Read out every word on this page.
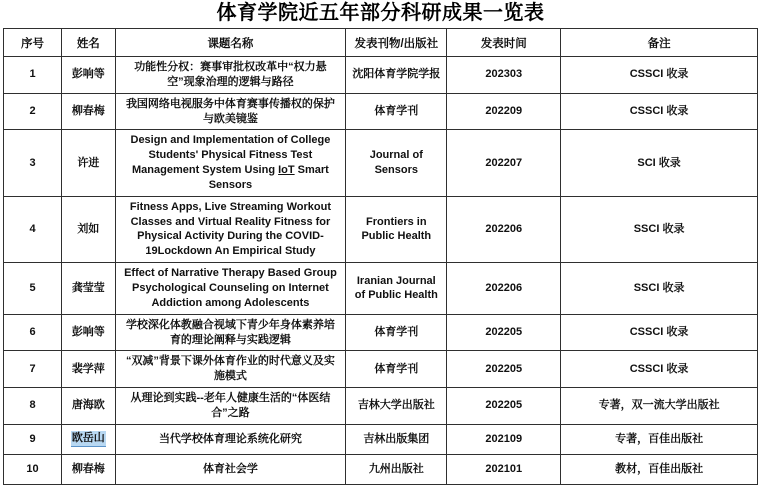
体育学院近五年部分科研成果一览表
序号	姓名	课题名称	发表刊物/出版社	发表时间	备注
1	彭响等	功能性分权：赛事审批权改革中“权力悬空”现象治理的逻辑与路径	沈阳体育学院学报	202303	CSSCI 收录
2	柳春梅	我国网络电视服务中体育赛事传播权的保护与欧美镜鉴	体育学刊	202209	CSSCI 收录
3	许进	Design and Implementation of College Students' Physical Fitness Test Management System Using IoT Smart Sensors	Journal of Sensors	202207	SCI 收录
4	刘如	Fitness Apps, Live Streaming Workout Classes and Virtual Reality Fitness for Physical Activity During the COVID-19Lockdown An Empirical Study	Frontiers in Public Health	202206	SSCI 收录
5	龚莹莹	Effect of Narrative Therapy Based Group Psychological Counseling on Internet Addiction among Adolescents	Iranian Journal of Public Health	202206	SSCI 收录
6	彭响等	学校深化体教融合视域下青少年身体素养培育的理论阐释与实践逻辑	体育学刊	202205	CSSCI 收录
7	裴学萍	“双减”背景下课外体育作业的时代意义及实施模式	体育学刊	202205	CSSCI 收录
8	唐海欧	从理论到实践--老年人健康生活的“体医结合”之路	吉林大学出版社	202205	专著，双一流大学出版社
9	欧岳山	当代学校体育理论系统化研究	吉林出版集团	202109	专著，百佳出版社
10	柳春梅	体育社会学	九州出版社	202101	教材，百佳出版社
